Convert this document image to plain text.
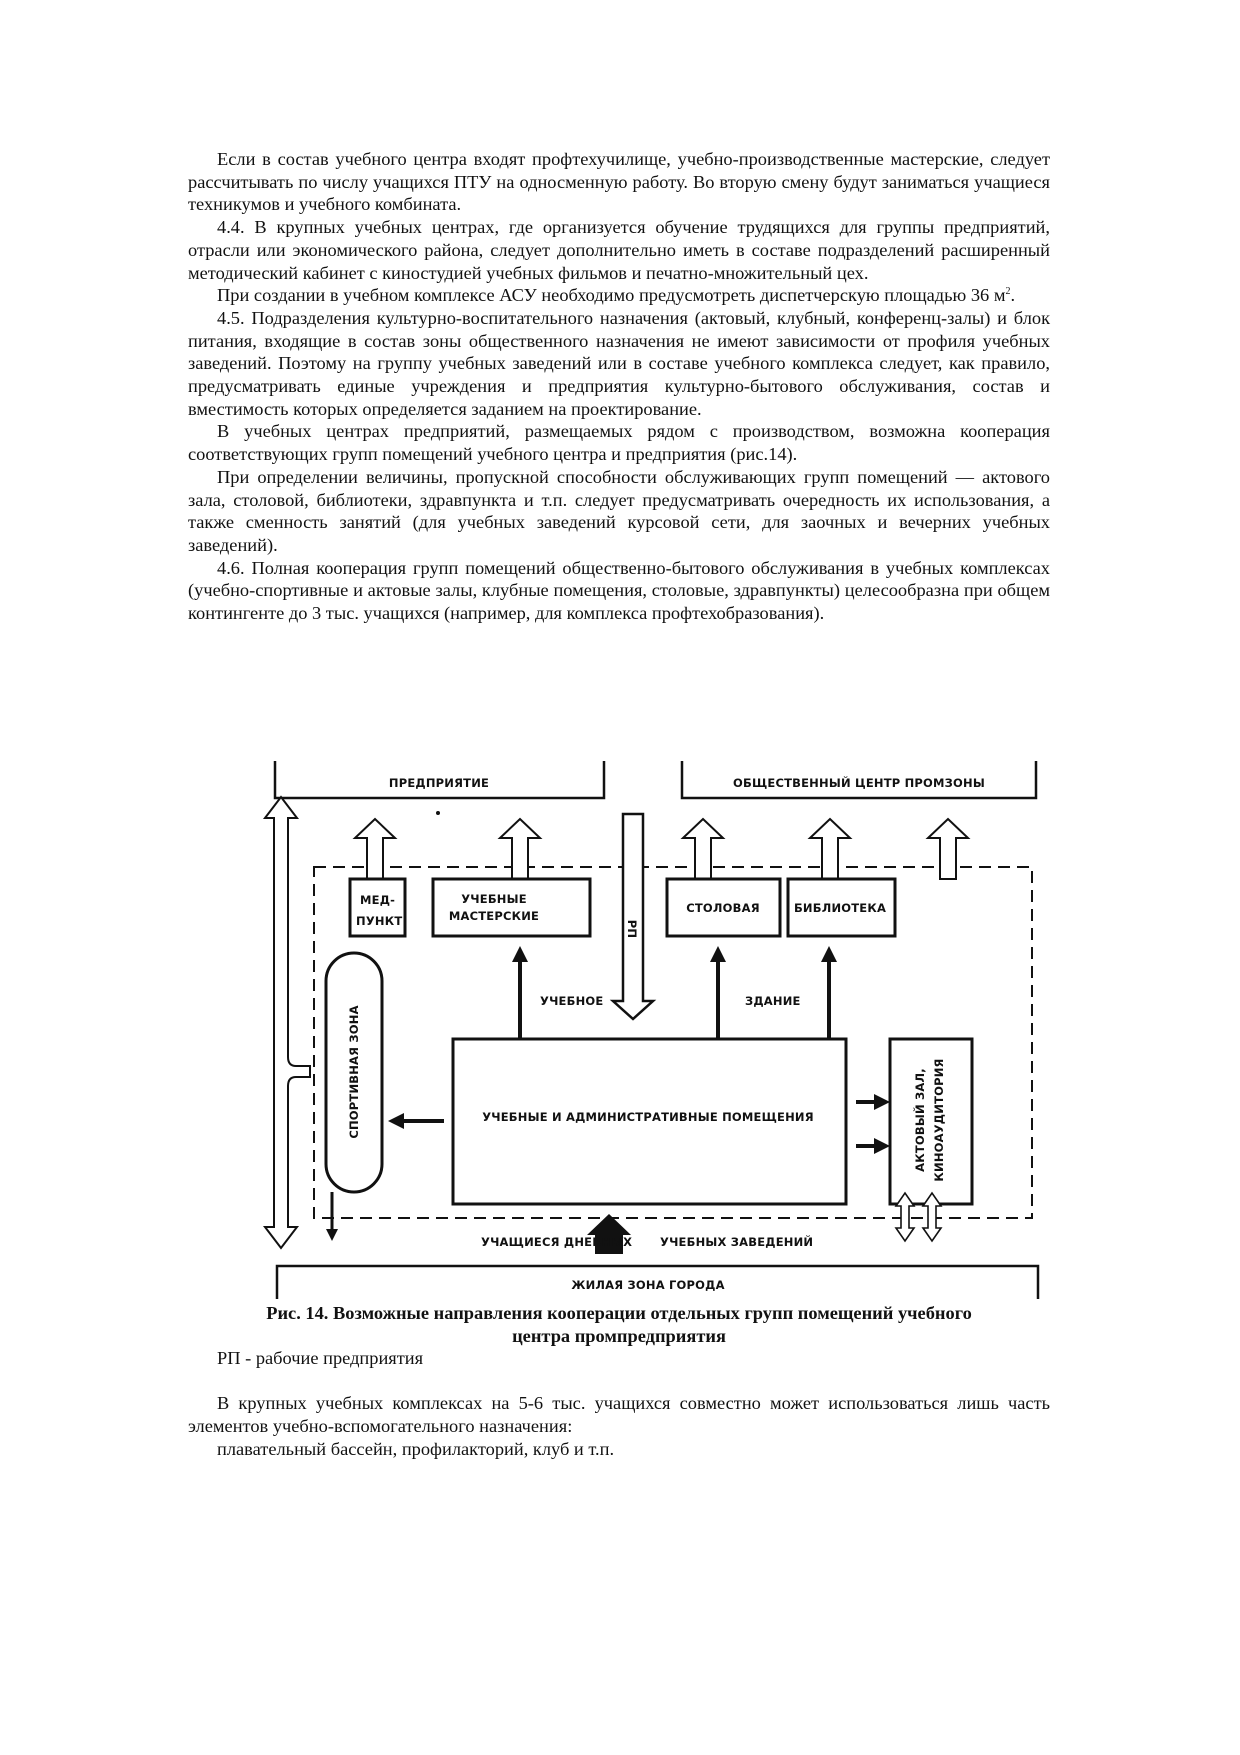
Если в состав учебного центра входят профтехучилище, учебно-производственные мастерские, следует рассчитывать по числу учащихся ПТУ на односменную работу. Во вторую смену будут заниматься учащиеся техникумов и учебного комбината.

4.4. В крупных учебных центрах, где организуется обучение трудящихся для группы предприятий, отрасли или экономического района, следует дополнительно иметь в составе подразделений расширенный методический кабинет с киностудией учебных фильмов и печатно-множительный цех.

При создании в учебном комплексе АСУ необходимо предусмотреть диспетчерскую площадью 36 $м^2$.

4.5. Подразделения культурно-воспитательного назначения (актовый, клубный, конференц-залы) и блок питания, входящие в состав зоны общественного назначения не имеют зависимости от профиля учебных заведений. Поэтому на группу учебных заведений или в составе учебного комплекса следует, как правило, предусматривать единые учреждения и предприятия культурно-бытового обслуживания, состав и вместимость которых определяется заданием на проектирование.

В учебных центрах предприятий, размещаемых рядом с производством, возможна кооперация соответствующих групп помещений учебного центра и предприятия (рис.14).

При определении величины, пропускной способности обслуживающих групп помещений — актового зала, столовой, библиотеки, здравпункта и т.п. следует предусматривать очередность их использования, а также сменность занятий (для учебных заведений курсовой сети, для заочных и вечерних учебных заведений).

4.6. Полная кооперация групп помещений общественно-бытового обслуживания в учебных комплексах (учебно-спортивные и актовые залы, клубные помещения, столовые, здравпункты) целесообразна при общем контингенте до 3 тыс. учащихся (например, для комплекса профтехобразования).

ПРЕДПРИЯТИЕ	ОБЩЕСТВЕННЫЙ ЦЕНТР ПРОМЗОНЫ
РП
МЕД-
ПУНКТ
УЧЕБНЫЕ
МАСТЕРСКИЕ
СТОЛОВАЯ	БИБЛИОТЕКА
УЧЕБНОЕ	ЗДАНИЕ
СПОРТИВНАЯ ЗОНА	УЧЕБНЫЕ И АДМИНИСТРАТИВНЫЕ ПОМЕЩЕНИЯ	АКТОВЫЙ ЗАЛ, КИНОАУДИТОРИЯ
УЧАЩИЕСЯ ДНЕВНЫХ УЧЕБНЫХ ЗАВЕДЕНИЙ
ЖИЛАЯ ЗОНА ГОРОДА
Рис. 14. Возможные направления кооперации отдельных групп помещений учебного
центра промпредприятия

РП - рабочие предприятия

В крупных учебных комплексах на 5-6 тыс. учащихся совместно может использоваться лишь часть элементов учебно-вспомогательного назначения:

плавательный бассейн, профилакторий, клуб и т.п.
